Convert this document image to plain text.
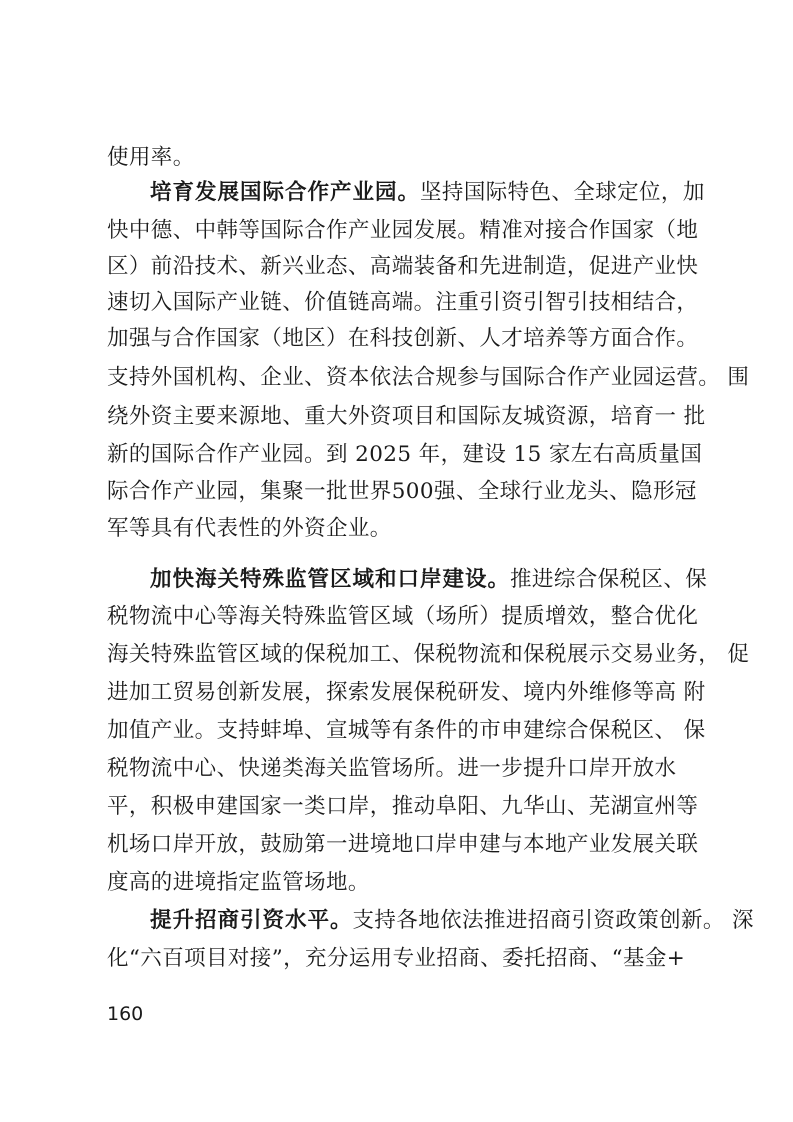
使用率。
培育发展国际合作产业园。坚持国际特色、全球定位，加
快中德、中韩等国际合作产业园发展。精准对接合作国家（地
区）前沿技术、新兴业态、高端装备和先进制造，促进产业快
速切入国际产业链、价值链高端。注重引资引智引技相结合，
加强与合作国家（地区）在科技创新、人才培养等方面合作。
支持外国机构、企业、资本依法合规参与国际合作产业园运营。 围
绕外资主要来源地、重大外资项目和国际友城资源，培育一 批
新的国际合作产业园。到 2025 年，建设 15 家左右高质量国
际合作产业园，集聚一批世界500强、全球行业龙头、隐形冠
军等具有代表性的外资企业。
加快海关特殊监管区域和口岸建设。推进综合保税区、保
税物流中心等海关特殊监管区域（场所）提质增效，整合优化
海关特殊监管区域的保税加工、保税物流和保税展示交易业务， 促
进加工贸易创新发展，探索发展保税研发、境内外维修等高 附
加值产业。支持蚌埠、宣城等有条件的市申建综合保税区、 保
税物流中心、快递类海关监管场所。进一步提升口岸开放水
平，积极申建国家一类口岸，推动阜阳、九华山、芜湖宣州等
机场口岸开放，鼓励第一进境地口岸申建与本地产业发展关联
度高的进境指定监管场地。
提升招商引资水平。支持各地依法推进招商引资政策创新。 深
化“六百项目对接”，充分运用专业招商、委托招商、“基金+
160
